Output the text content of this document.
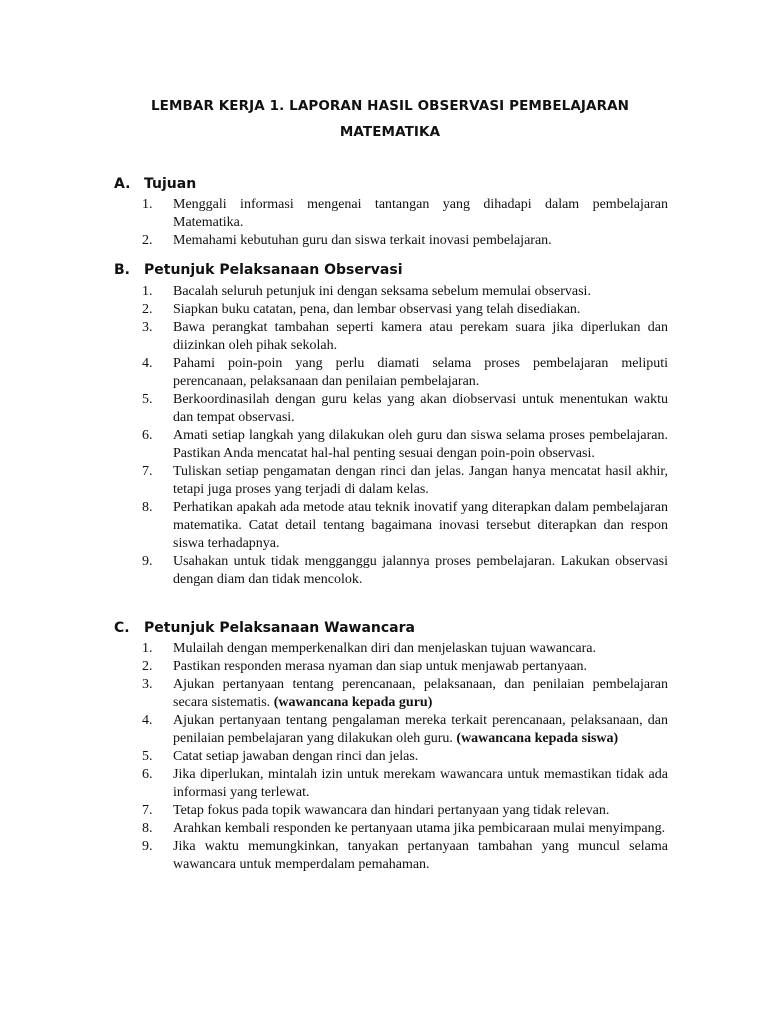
LEMBAR KERJA 1. LAPORAN HASIL OBSERVASI PEMBELAJARAN
MATEMATIKA
A. Tujuan
1.	Menggali informasi mengenai tantangan yang dihadapi dalam pembelajaran Matematika.
2.	Memahami kebutuhan guru dan siswa terkait inovasi pembelajaran.
B. Petunjuk Pelaksanaan Observasi
1.	Bacalah seluruh petunjuk ini dengan seksama sebelum memulai observasi.
2.	Siapkan buku catatan, pena, dan lembar observasi yang telah disediakan.
3.	Bawa perangkat tambahan seperti kamera atau perekam suara jika diperlukan dan diizinkan oleh pihak sekolah.
4.	Pahami poin-poin yang perlu diamati selama proses pembelajaran meliputi perencanaan, pelaksanaan dan penilaian pembelajaran.
5.	Berkoordinasilah dengan guru kelas yang akan diobservasi untuk menentukan waktu dan tempat observasi.
6.	Amati setiap langkah yang dilakukan oleh guru dan siswa selama proses pembelajaran. Pastikan Anda mencatat hal-hal penting sesuai dengan poin-poin observasi.
7.	Tuliskan setiap pengamatan dengan rinci dan jelas. Jangan hanya mencatat hasil akhir, tetapi juga proses yang terjadi di dalam kelas.
8.	Perhatikan apakah ada metode atau teknik inovatif yang diterapkan dalam pembelajaran matematika. Catat detail tentang bagaimana inovasi tersebut diterapkan dan respon siswa terhadapnya.
9.	Usahakan untuk tidak mengganggu jalannya proses pembelajaran. Lakukan observasi dengan diam dan tidak mencolok.
C. Petunjuk Pelaksanaan Wawancara
1.	Mulailah dengan memperkenalkan diri dan menjelaskan tujuan wawancara.
2.	Pastikan responden merasa nyaman dan siap untuk menjawab pertanyaan.
3.	Ajukan pertanyaan tentang perencanaan, pelaksanaan, dan penilaian pembelajaran secara sistematis. (wawancana kepada guru)
4.	Ajukan pertanyaan tentang pengalaman mereka terkait perencanaan, pelaksanaan, dan penilaian pembelajaran yang dilakukan oleh guru. (wawancana kepada siswa)
5.	Catat setiap jawaban dengan rinci dan jelas.
6.	Jika diperlukan, mintalah izin untuk merekam wawancara untuk memastikan tidak ada informasi yang terlewat.
7.	Tetap fokus pada topik wawancara dan hindari pertanyaan yang tidak relevan.
8.	Arahkan kembali responden ke pertanyaan utama jika pembicaraan mulai menyimpang.
9.	Jika waktu memungkinkan, tanyakan pertanyaan tambahan yang muncul selama wawancara untuk memperdalam pemahaman.
